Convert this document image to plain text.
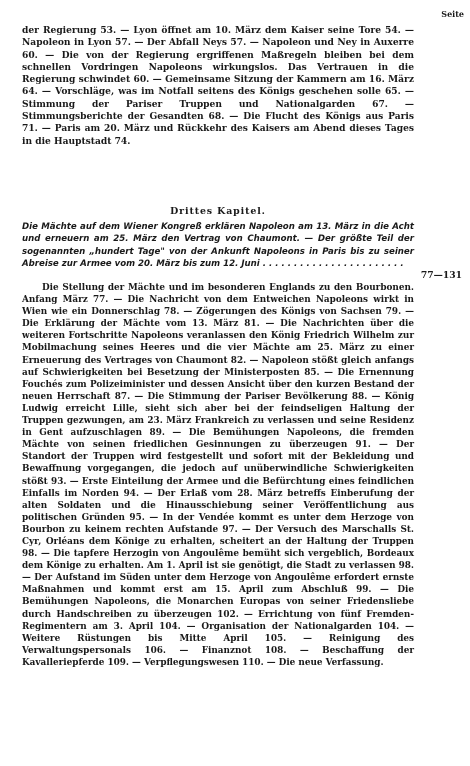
Seite

der Regierung 53. — Lyon öffnet am 10. März dem Kaiser seine Tore 54. — Napoleon in Lyon 57. — Der Abfall Neys 57. — Napoleon und Ney in Auxerre 60. — Die von der Regierung ergriffenen Maßregeln bleiben bei dem schnellen Vordringen Napoleons wirkungslos. Das Vertrauen in die Regierung schwindet 60. — Gemeinsame Sitzung der Kammern am 16. März 64. — Vorschläge, was im Notfall seitens des Königs geschehen solle 65. — Stimmung der Pariser Truppen und Nationalgarden 67. — Stimmungsberichte der Gesandten 68. — Die Flucht des Königs aus Paris 71. — Paris am 20. März und Rückkehr des Kaisers am Abend dieses Tages in die Hauptstadt 74.

Drittes Kapitel.
Die Mächte auf dem Wiener Kongreß erklären Napoleon am 13. März in die Acht und erneuern am 25. März den Vertrag von Chaumont. — Der größte Teil der sogenannten „hundert Tage" von der Ankunft Napoleons in Paris bis zu seiner Abreise zur Armee vom 20. März bis zum 12. Juni . . . . . . . . . . . . . . . . . . . . . . .
77—131

Die Stellung der Mächte und im besonderen Englands zu den Bourbonen. Anfang März 77. — Die Nachricht von dem Entweichen Napoleons wirkt in Wien wie ein Donnerschlag 78. — Zögerungen des Königs von Sachsen 79. — Die Erklärung der Mächte vom 13. März 81. — Die Nachrichten über die weiteren Fortschritte Napoleons veranlassen den König Friedrich Wilhelm zur Mobilmachung seines Heeres und die vier Mächte am 25. März zu einer Erneuerung des Vertrages von Chaumont 82. — Napoleon stößt gleich anfangs auf Schwierigkeiten bei Besetzung der Ministerposten 85. — Die Ernennung Fouchés zum Polizeiminister und dessen Ansicht über den kurzen Bestand der neuen Herrschaft 87. — Die Stimmung der Pariser Bevölkerung 88. — König Ludwig erreicht Lille, sieht sich aber bei der feindseligen Haltung der Truppen gezwungen, am 23. März Frankreich zu verlassen und seine Residenz in Gent aufzuschlagen 89. — Die Bemühungen Napoleons, die fremden Mächte von seinen friedlichen Gesinnungen zu überzeugen 91. — Der Standort der Truppen wird festgestellt und sofort mit der Bekleidung und Bewaffnung vorgegangen, die jedoch auf unüberwindliche Schwierigkeiten stößt 93. — Erste Einteilung der Armee und die Befürchtung eines feindlichen Einfalls im Norden 94. — Der Erlaß vom 28. März betreffs Einberufung der alten Soldaten und die Hinausschiebung seiner Veröffentlichung aus politischen Gründen 95. — In der Vendée kommt es unter dem Herzoge von Bourbon zu keinem rechten Aufstande 97. — Der Versuch des Marschalls St. Cyr, Orléans dem Könige zu erhalten, scheitert an der Haltung der Truppen 98. — Die tapfere Herzogin von Angoulême bemüht sich vergeblich, Bordeaux dem Könige zu erhalten. Am 1. April ist sie genötigt, die Stadt zu verlassen 98. — Der Aufstand im Süden unter dem Herzoge von Angoulême erfordert ernste Maßnahmen und kommt erst am 15. April zum Abschluß 99. — Die Bemühungen Napoleons, die Monarchen Europas von seiner Friedensliebe durch Handschreiben zu überzeugen 102. — Errichtung von fünf Fremden-Regimentern am 3. April 104. — Organisation der Nationalgarden 104. — Weitere Rüstungen bis Mitte April 105. — Reinigung des Verwaltungspersonals 106. — Finanznot 108. — Beschaffung der Kavalleriepferde 109. — Verpflegungswesen 110. — Die neue Verfassung.
